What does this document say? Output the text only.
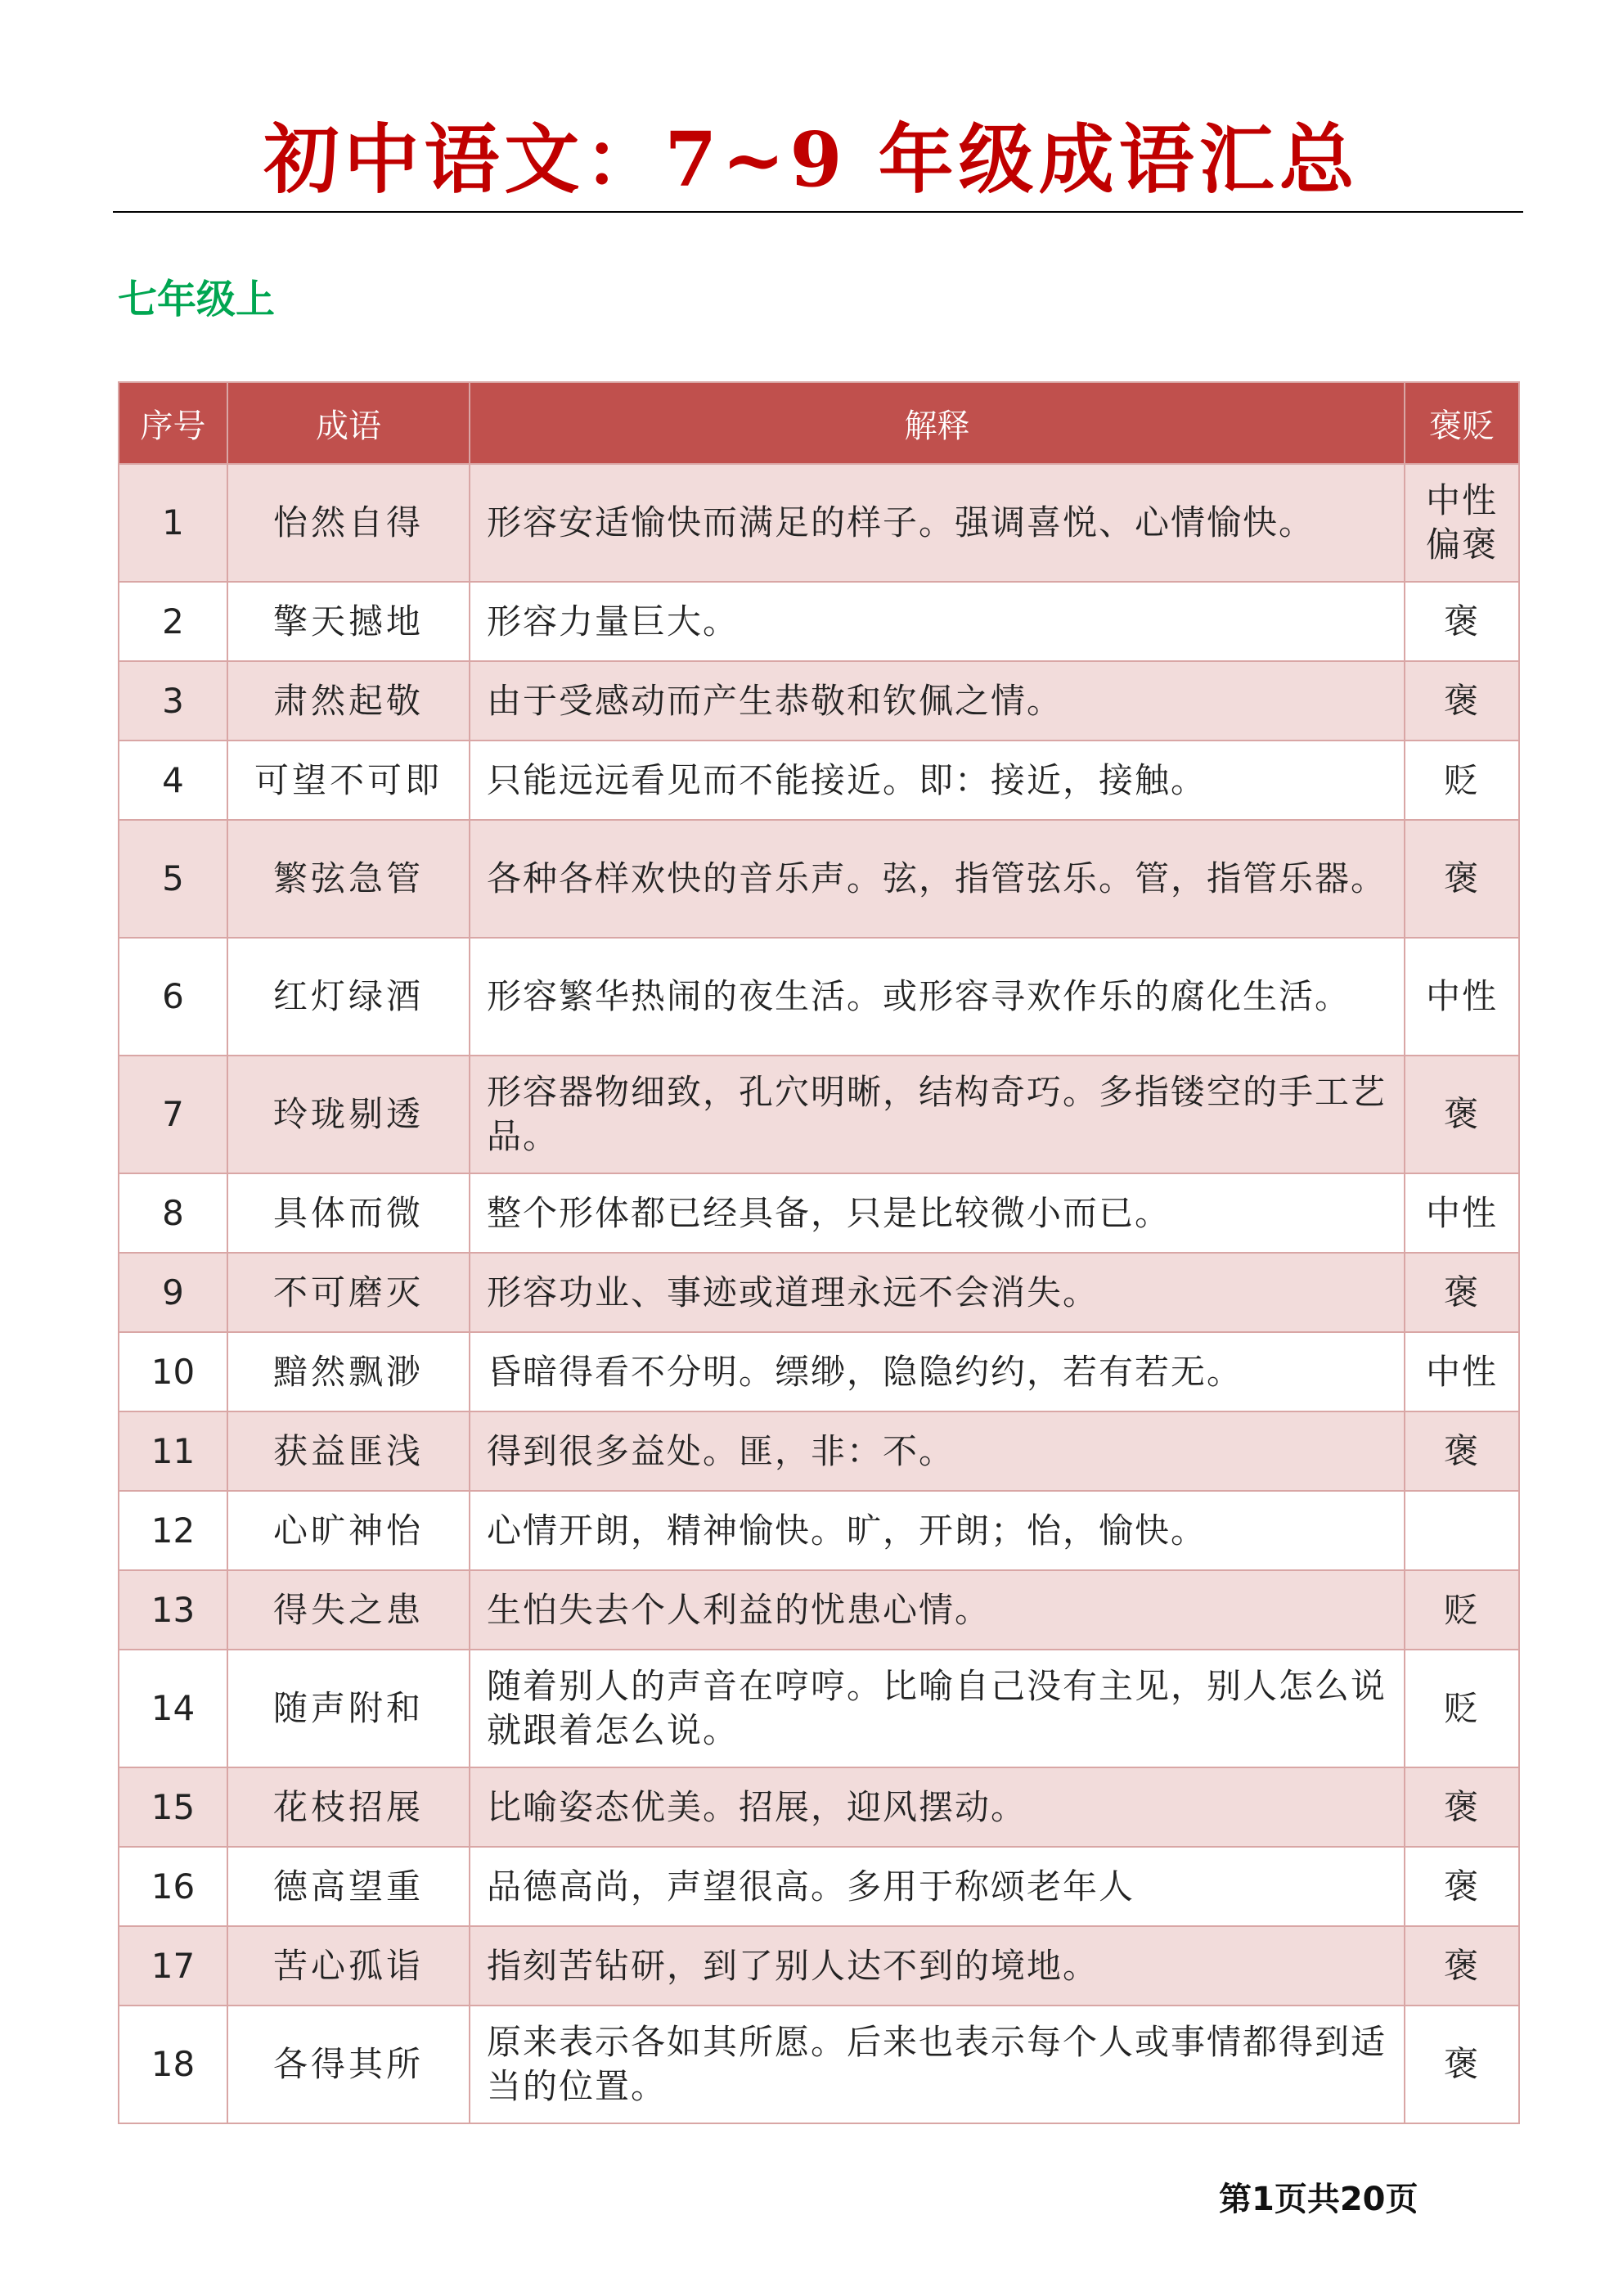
初中语文：7~9 年级成语汇总
七年级上
序号	成语	解释	褒贬
1	怡然自得	形容安适愉快而满足的样子。强调喜悦、心情愉快。	中性偏褒
2	擎天撼地	形容力量巨大。	褒
3	肃然起敬	由于受感动而产生恭敬和钦佩之情。	褒
4	可望不可即	只能远远看见而不能接近。即：接近，接触。	贬
5	繁弦急管	各种各样欢快的音乐声。弦，指管弦乐。管，指管乐器。	褒
6	红灯绿酒	形容繁华热闹的夜生活。或形容寻欢作乐的腐化生活。	中性
7	玲珑剔透	形容器物细致，孔穴明晰，结构奇巧。多指镂空的手工艺品。	褒
8	具体而微	整个形体都已经具备，只是比较微小而已。	中性
9	不可磨灭	形容功业、事迹或道理永远不会消失。	褒
10	黯然飘渺	昏暗得看不分明。缥缈，隐隐约约，若有若无。	中性
11	获益匪浅	得到很多益处。匪，非：不。	褒
12	心旷神怡	心情开朗，精神愉快。旷，开朗；怡，愉快。	
13	得失之患	生怕失去个人利益的忧患心情。	贬
14	随声附和	随着别人的声音在哼哼。比喻自己没有主见，别人怎么说就跟着怎么说。	贬
15	花枝招展	比喻姿态优美。招展，迎风摆动。	褒
16	德高望重	品德高尚，声望很高。多用于称颂老年人	褒
17	苦心孤诣	指刻苦钻研，到了别人达不到的境地。	褒
18	各得其所	原来表示各如其所愿。后来也表示每个人或事情都得到适当的位置。	褒
第1页共20页
